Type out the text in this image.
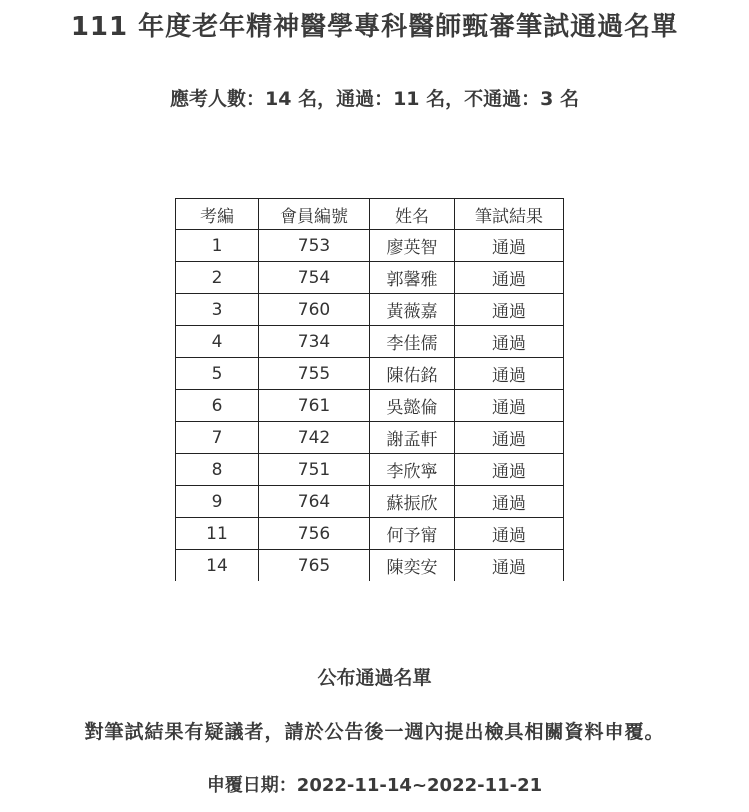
111 年度老年精神醫學專科醫師甄審筆試通過名單
應考人數：14 名，通過：11 名，不通過：3 名
考編	會員編號	姓名	筆試結果
1	753	廖英智	通過
2	754	郭馨雅	通過
3	760	黃薇嘉	通過
4	734	李佳儒	通過
5	755	陳佑銘	通過
6	761	吳懿倫	通過
7	742	謝孟軒	通過
8	751	李欣寧	通過
9	764	蘇振欣	通過
11	756	何予甯	通過
14	765	陳奕安	通過
公布通過名單
對筆試結果有疑議者，請於公告後一週內提出檢具相關資料申覆。
申覆日期：2022-11-14~2022-11-21
